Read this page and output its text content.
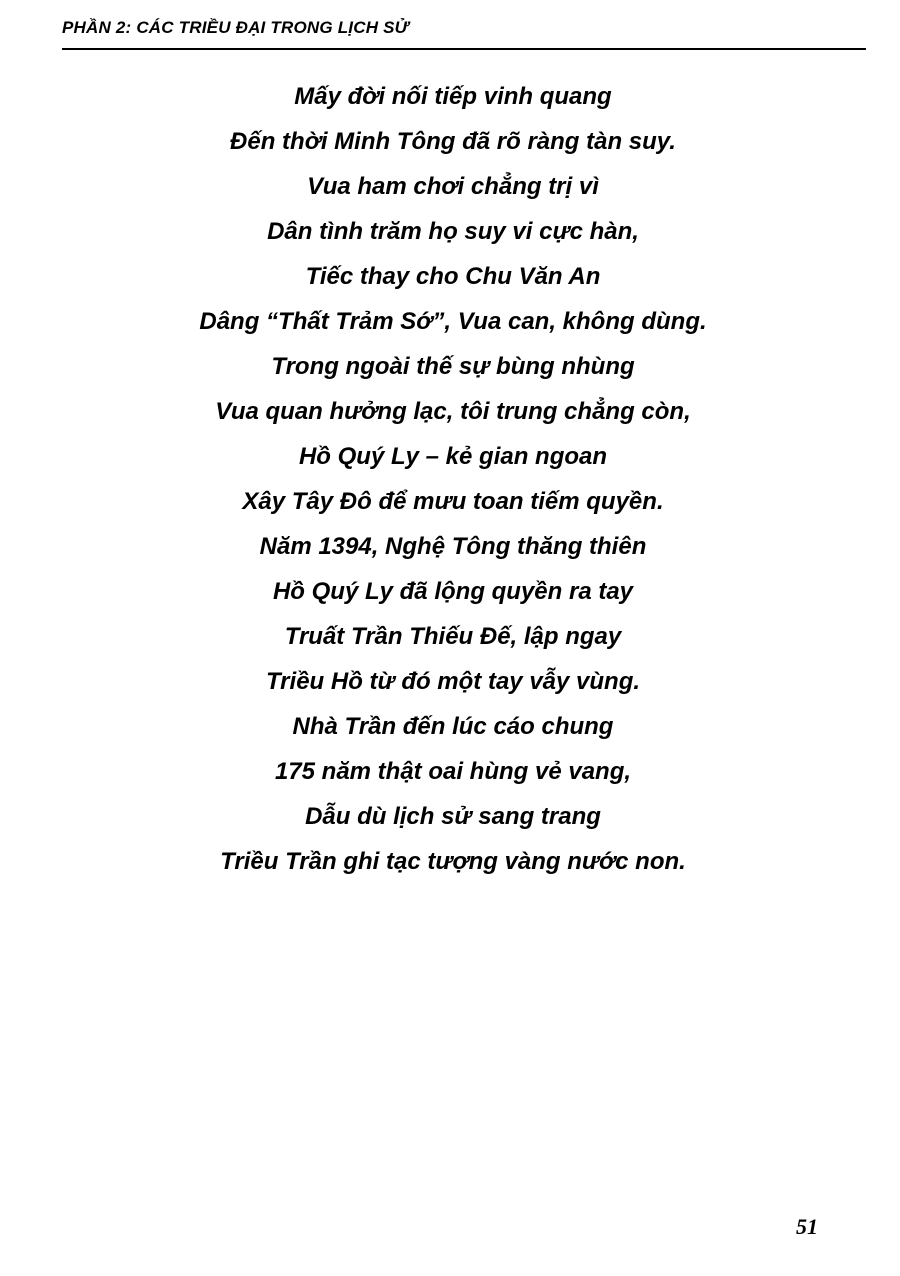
PHẦN 2: CÁC TRIỀU ĐẠI TRONG LỊCH SỬ
Mấy đời nối tiếp vinh quang
Đến thời Minh Tông đã rõ ràng tàn suy.
Vua ham chơi chẳng trị vì
Dân tình trăm họ suy vi cực hàn,
Tiếc thay cho Chu Văn An
Dâng “Thất Trảm Sớ”, Vua can, không dùng.
Trong ngoài thế sự bùng nhùng
Vua quan hưởng lạc, tôi trung chẳng còn,
Hồ Quý Ly – kẻ gian ngoan
Xây Tây Đô để mưu toan tiếm quyền.
Năm 1394, Nghệ Tông thăng thiên
Hồ Quý Ly đã lộng quyền ra tay
Truất Trần Thiếu Đế, lập ngay
Triều Hồ từ đó một tay vẫy vùng.
Nhà Trần đến lúc cáo chung
175 năm thật oai hùng vẻ vang,
Dẫu dù lịch sử sang trang
Triều Trần ghi tạc tượng vàng nước non.
51
